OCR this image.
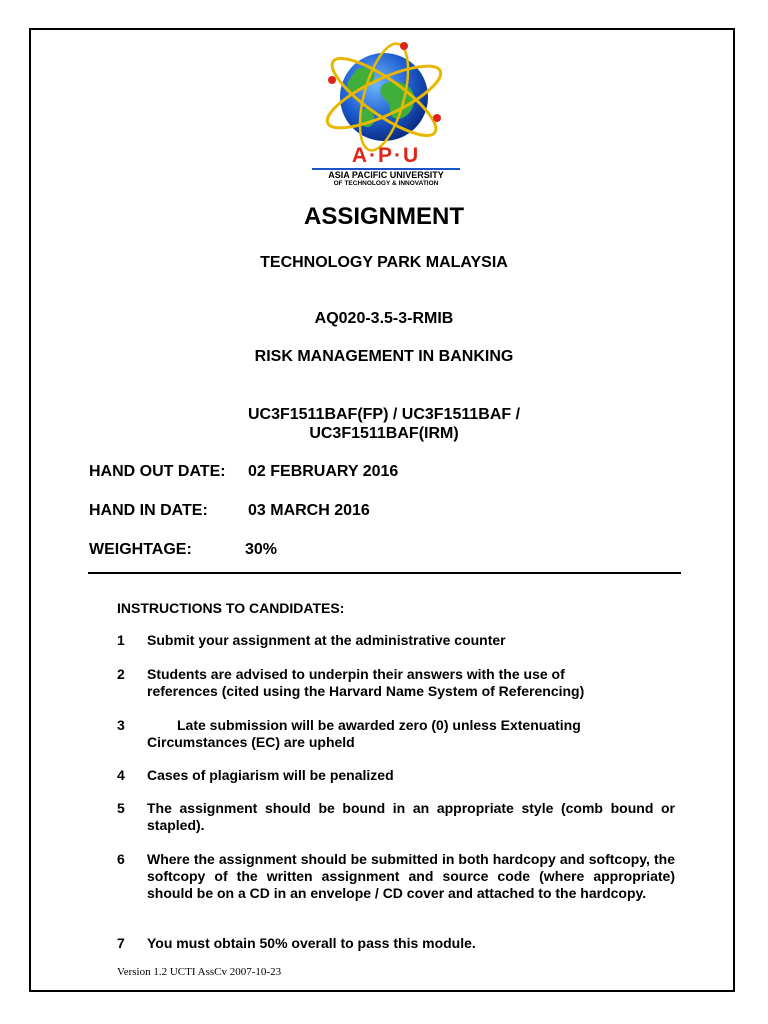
A·P·U
ASIA PACIFIC UNIVERSITY
OF TECHNOLOGY & INNOVATION
ASSIGNMENT
TECHNOLOGY PARK MALAYSIA
AQ020-3.5-3-RMIB
RISK MANAGEMENT IN BANKING
UC3F1511BAF(FP) / UC3F1511BAF /
UC3F1511BAF(IRM)
HAND OUT DATE: 02 FEBRUARY 2016
HAND IN DATE:	03 MARCH 2016
WEIGHTAGE:	30%
INSTRUCTIONS TO CANDIDATES:
1 Submit your assignment at the administrative counter
2 Students are advised to underpin their answers with the use of references (cited using the Harvard Name System of Referencing)
3	Late submission will be awarded zero (0) unless Extenuating Circumstances (EC) are upheld
4 Cases of plagiarism will be penalized
5 The assignment should be bound in an appropriate style (comb bound or stapled).
6 Where the assignment should be submitted in both hardcopy and softcopy, the softcopy of the written assignment and source code (where appropriate) should be on a CD in an envelope / CD cover and attached to the hardcopy.
7 You must obtain 50% overall to pass this module.
Version 1.2 UCTI AssCv 2007-10-23
